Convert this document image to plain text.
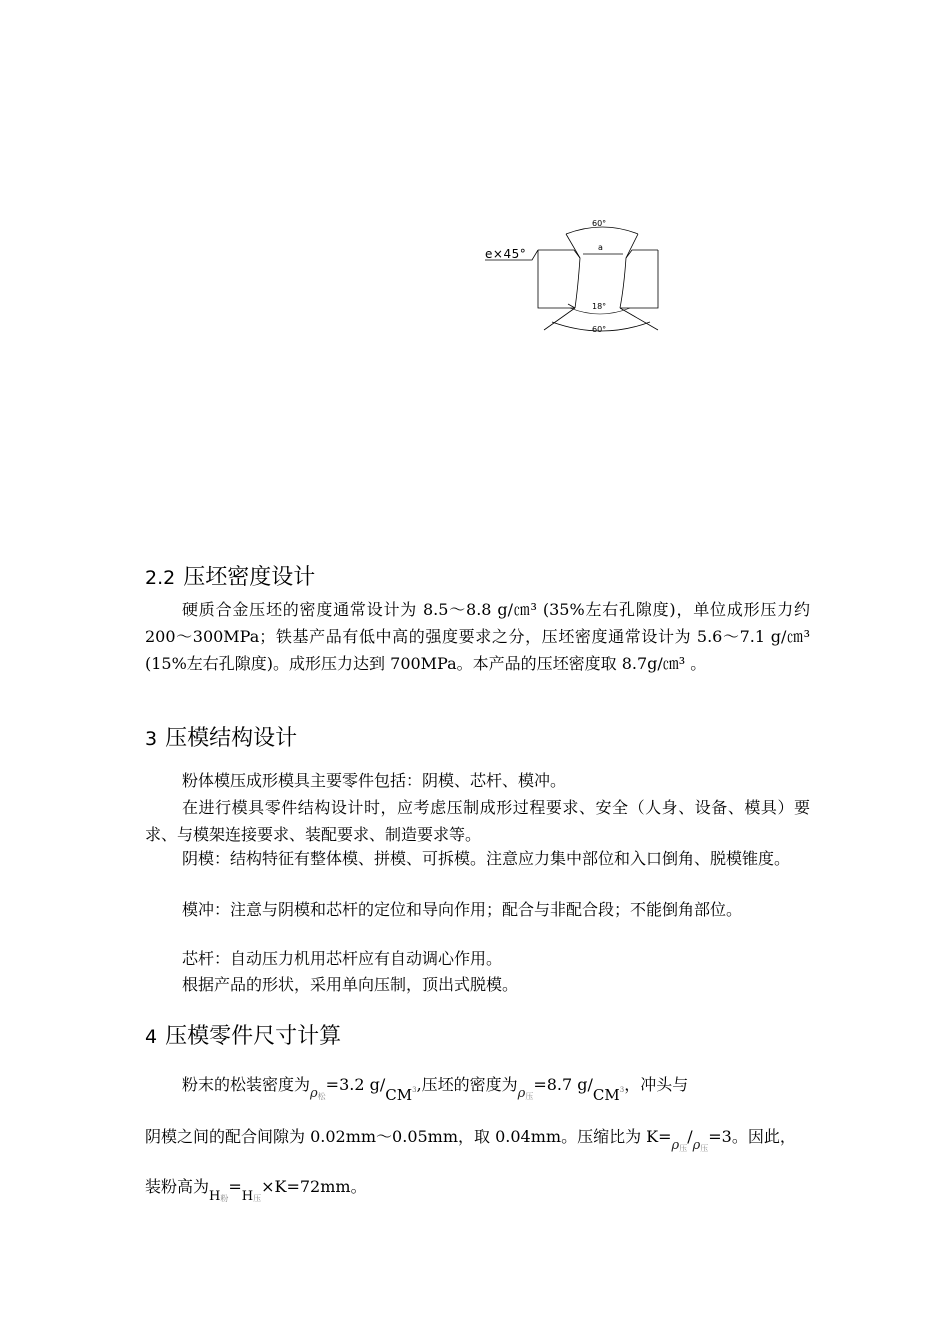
60°
a
e×45°
18°
60°
2.2 压坯密度设计

硬质合金压坯的密度通常设计为 8.5～8.8 g/㎝³ (35%左右孔隙度)，单位成形压力约 200～300MPa；铁基产品有低中高的强度要求之分，压坯密度通常设计为 5.6～7.1 g/㎝³ (15%左右孔隙度)。成形压力达到 700MPa。本产品的压坯密度取 8.7g/㎝³ 。

3 压模结构设计

粉体模压成形模具主要零件包括：阴模、芯杆、模冲。

在进行模具零件结构设计时，应考虑压制成形过程要求、安全（人身、设备、模具）要求、与模架连接要求、装配要求、制造要求等。

阴模：结构特征有整体模、拼模、可拆模。注意应力集中部位和入口倒角、脱模锥度。

模冲：注意与阴模和芯杆的定位和导向作用；配合与非配合段；不能倒角部位。

芯杆：自动压力机用芯杆应有自动调心作用。

根据产品的形状，采用单向压制，顶出式脱模。

4 压模零件尺寸计算

粉末的松装密度为$_{\rho 松}$=3.2 $g/CM^3$,压坯的密度为$_{\rho 压}$=8.7 $g/CM^3$，冲头与

阴模之间的配合间隙为 0.02mm～0.05mm，取 0.04mm。压缩比为 $K=_{\rho 压}/_{\rho 压}=3$。因此，

装粉高为$_{H粉}=_{H压}\times K=72mm$。
